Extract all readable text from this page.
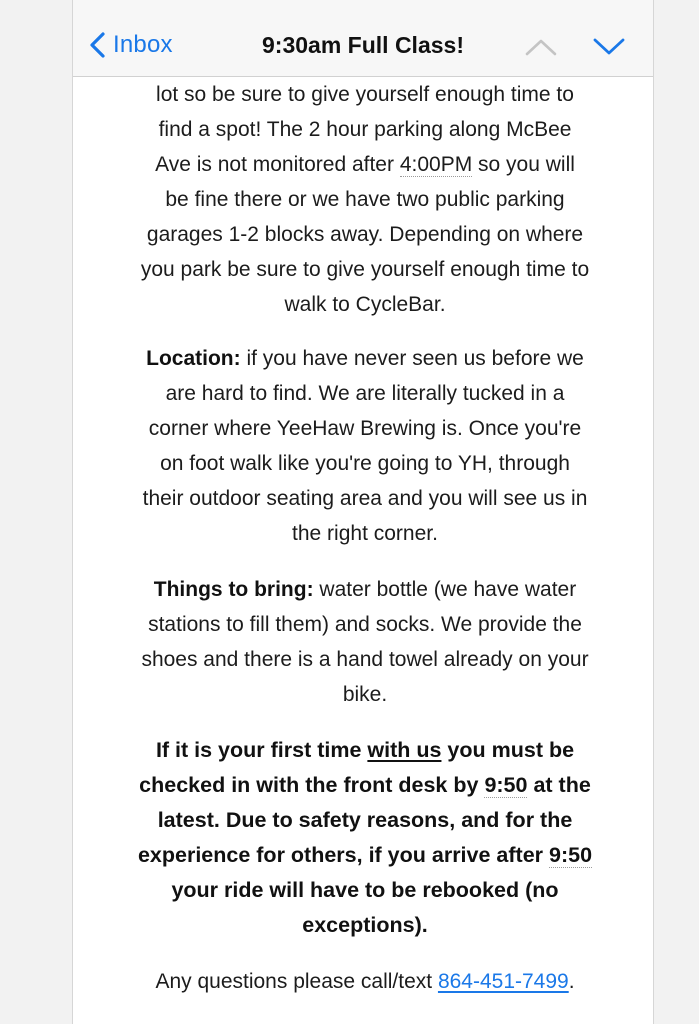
Inbox	9:30am Full Class!
lot so be sure to give yourself enough time to
find a spot! The 2 hour parking along McBee
Ave is not monitored after 4:00PM so you will
be fine there or we have two public parking
garages 1-2 blocks away. Depending on where
you park be sure to give yourself enough time to
walk to CycleBar.
Location: if you have never seen us before we
are hard to find. We are literally tucked in a
corner where YeeHaw Brewing is. Once you're
on foot walk like you're going to YH, through
their outdoor seating area and you will see us in
the right corner.
Things to bring: water bottle (we have water
stations to fill them) and socks. We provide the
shoes and there is a hand towel already on your
bike.
If it is your first time with us you must be
checked in with the front desk by 9:50 at the
latest. Due to safety reasons, and for the
experience for others, if you arrive after 9:50
your ride will have to be rebooked (no
exceptions).
Any questions please call/text 864-451-7499.
